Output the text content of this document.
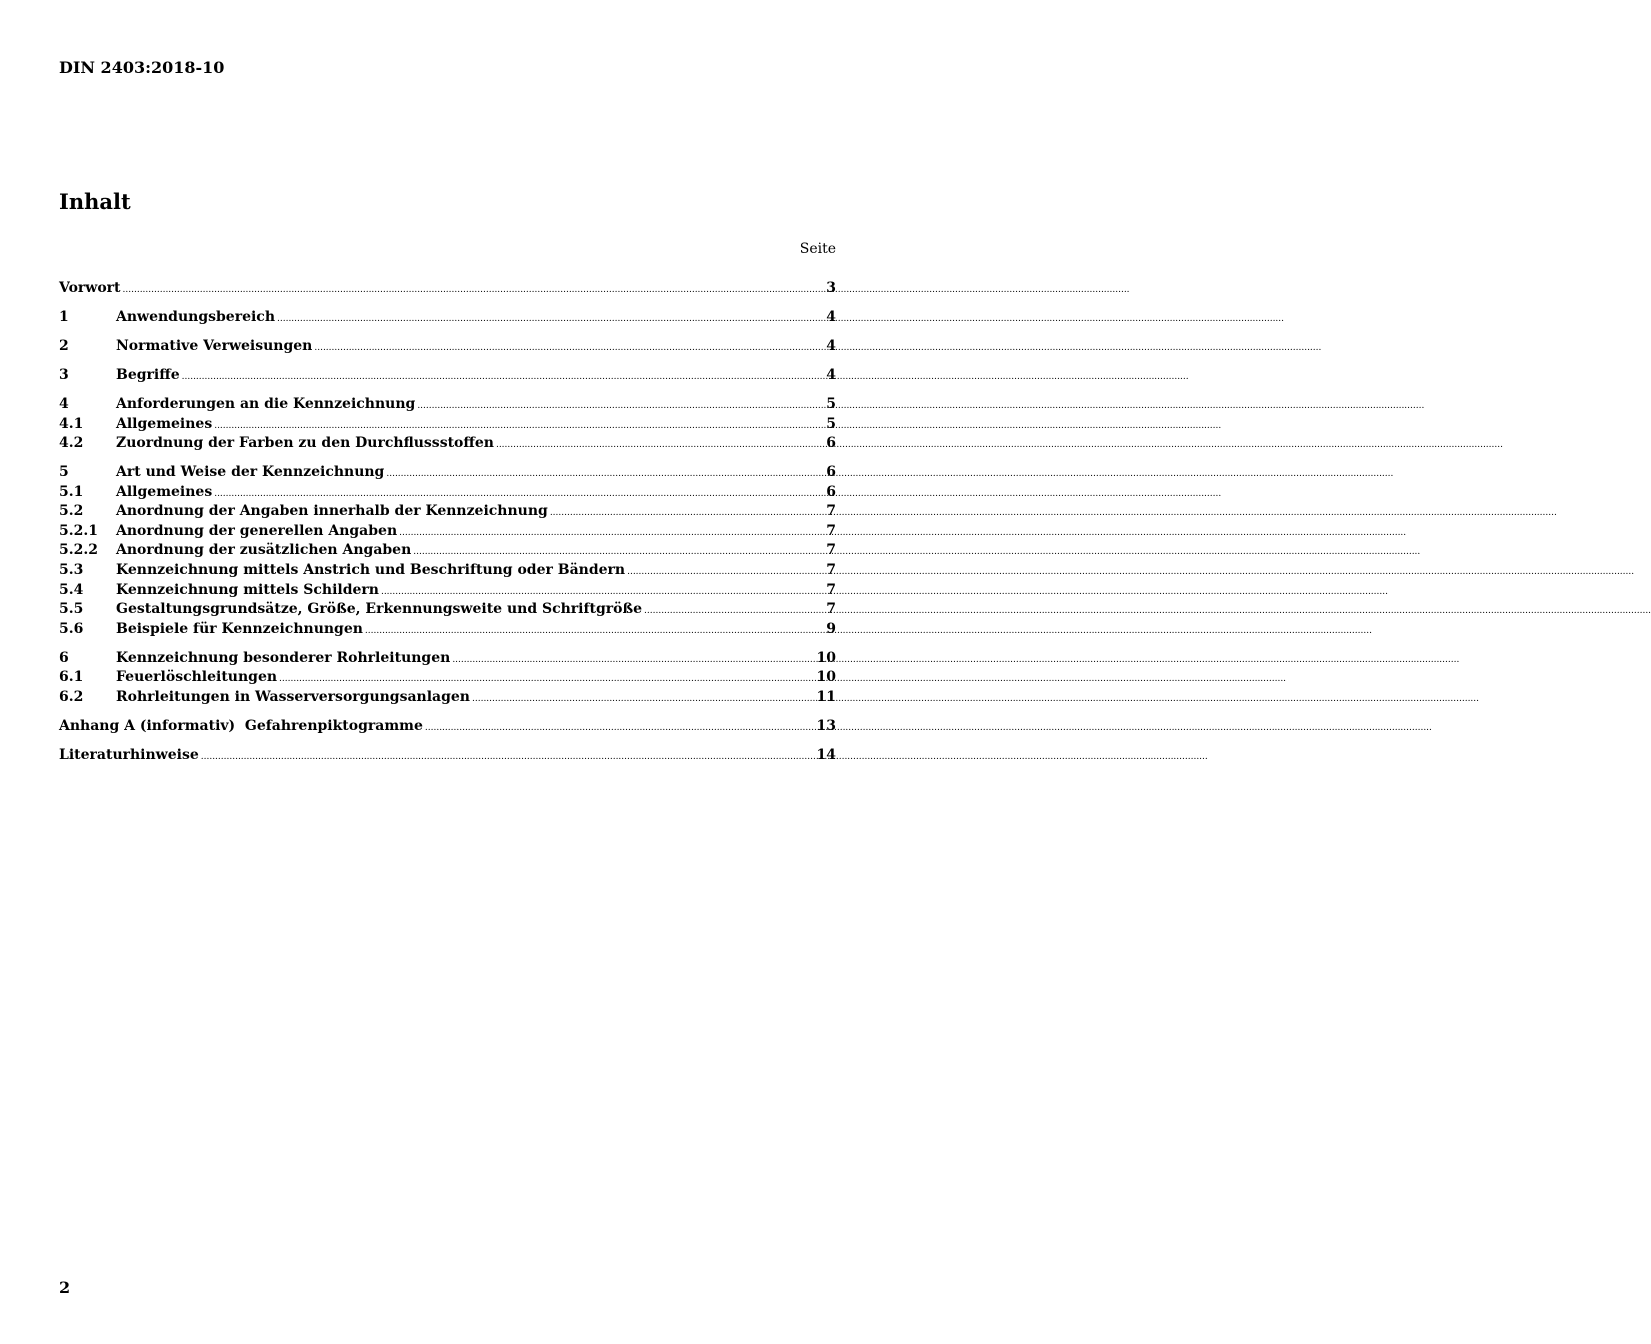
DIN 2403:2018-10
Inhalt
Seite
Vorwort .....	3
1	Anwendungsbereich .....	4
2	Normative Verweisungen .....	4
3	Begriffe .....	4
4	Anforderungen an die Kennzeichnung .....	5
4.1	Allgemeines .....	5
4.2	Zuordnung der Farben zu den Durchflussstoffen .....	6
5	Art und Weise der Kennzeichnung .....	6
5.1	Allgemeines .....	6
5.2	Anordnung der Angaben innerhalb der Kennzeichnung .....	7
5.2.1	Anordnung der generellen Angaben .....	7
5.2.2	Anordnung der zusätzlichen Angaben .....	7
5.3	Kennzeichnung mittels Anstrich und Beschriftung oder Bändern .....	7
5.4	Kennzeichnung mittels Schildern .....	7
5.5	Gestaltungsgrundsätze, Größe, Erkennungsweite und Schriftgröße .....	7
5.6	Beispiele für Kennzeichnungen .....	9
6	Kennzeichnung besonderer Rohrleitungen .....	10
6.1	Feuerlöschleitungen .....	10
6.2	Rohrleitungen in Wasserversorgungsanlagen .....	11
Anhang A (informativ)  Gefahrenpiktogramme .....	13
Literaturhinweise .....	14
2
